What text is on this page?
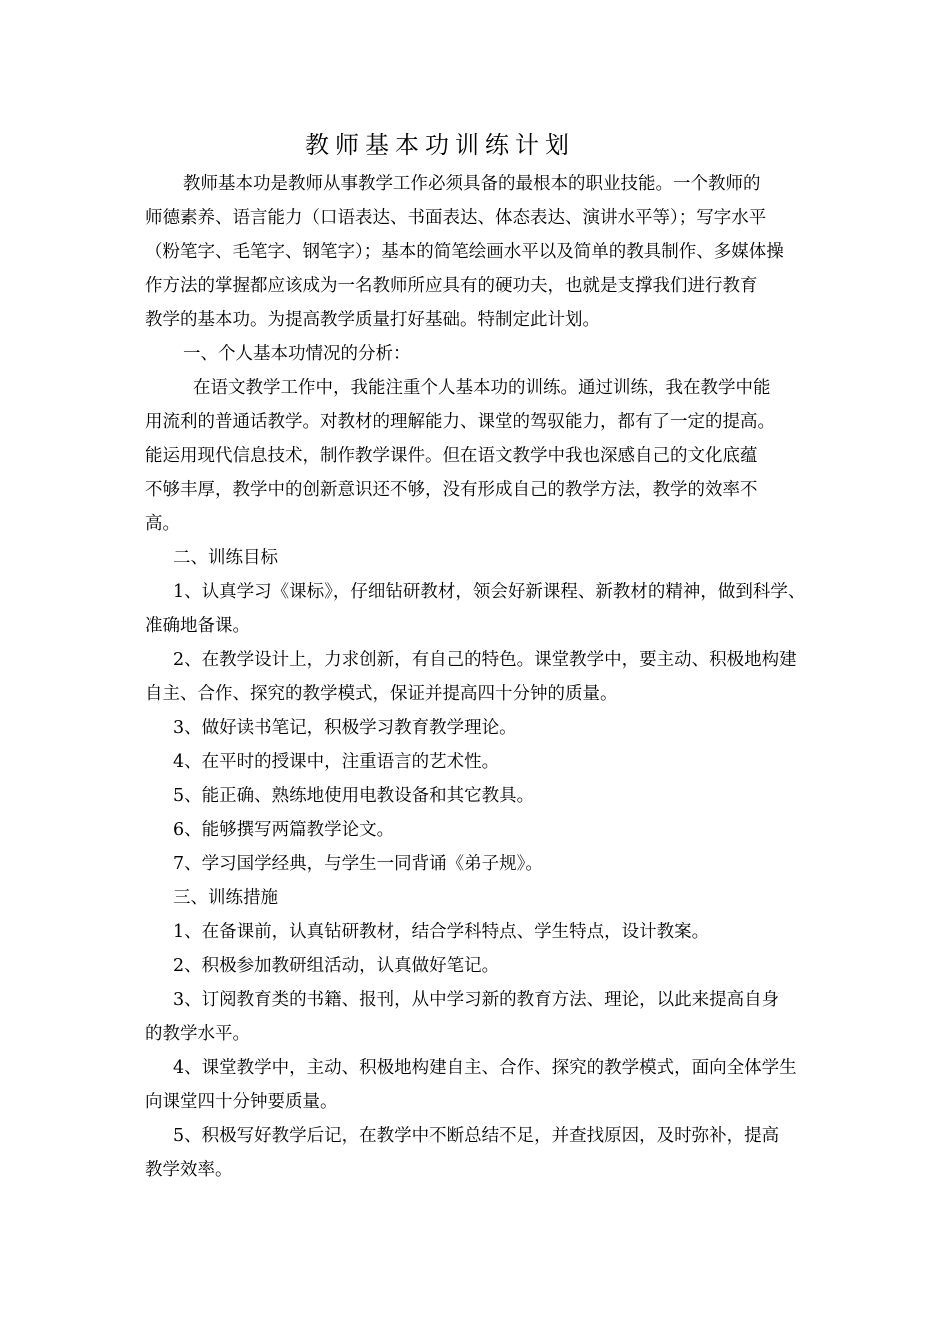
教师基本功训练计划
教师基本功是教师从事教学工作必须具备的最根本的职业技能。一个教师的
师德素养、语言能力（口语表达、书面表达、体态表达、演讲水平等）；写字水平
（粉笔字、毛笔字、钢笔字）；基本的简笔绘画水平以及简单的教具制作、多媒体操
作方法的掌握都应该成为一名教师所应具有的硬功夫，也就是支撑我们进行教育
教学的基本功。为提高教学质量打好基础。特制定此计划。
一、个人基本功情况的分析：
在语文教学工作中，我能注重个人基本功的训练。通过训练，我在教学中能
用流利的普通话教学。对教材的理解能力、课堂的驾驭能力，都有了一定的提高。
能运用现代信息技术，制作教学课件。但在语文教学中我也深感自己的文化底蕴
不够丰厚，教学中的创新意识还不够，没有形成自己的教学方法，教学的效率不
高。
二、训练目标
1、认真学习《课标》，仔细钻研教材，领会好新课程、新教材的精神，做到科学、
准确地备课。
2、在教学设计上，力求创新，有自己的特色。课堂教学中，要主动、积极地构建
自主、合作、探究的教学模式，保证并提高四十分钟的质量。
3、做好读书笔记，积极学习教育教学理论。
4、在平时的授课中，注重语言的艺术性。
5、能正确、熟练地使用电教设备和其它教具。
6、能够撰写两篇教学论文。
7、学习国学经典，与学生一同背诵《弟子规》。
三、训练措施
1、在备课前，认真钻研教材，结合学科特点、学生特点，设计教案。
2、积极参加教研组活动，认真做好笔记。
3、订阅教育类的书籍、报刊，从中学习新的教育方法、理论，以此来提高自身
的教学水平。
4、课堂教学中，主动、积极地构建自主、合作、探究的教学模式，面向全体学生
向课堂四十分钟要质量。
5、积极写好教学后记，在教学中不断总结不足，并查找原因，及时弥补，提高
教学效率。
